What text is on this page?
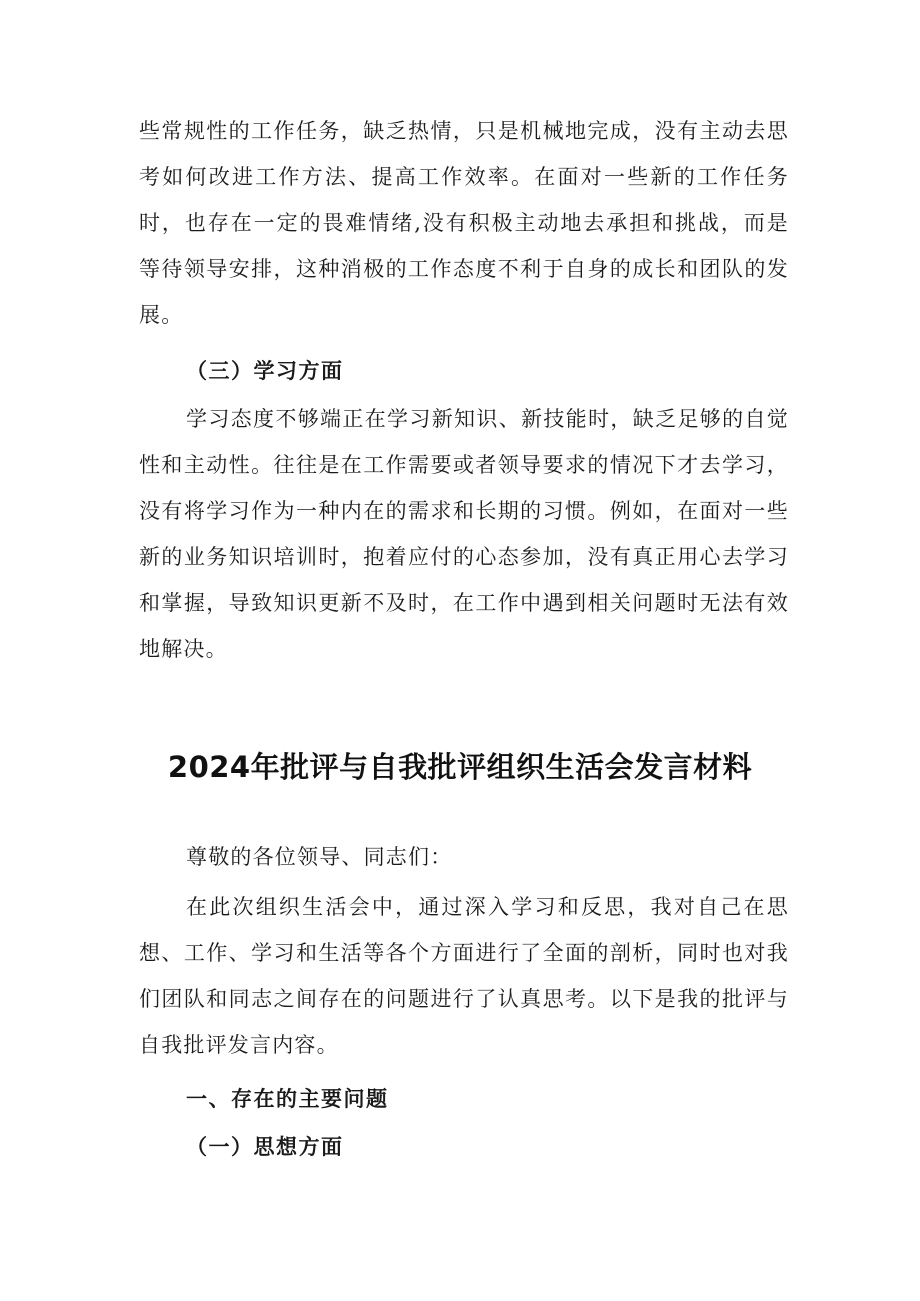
些常规性的工作任务，缺乏热情，只是机械地完成，没有主动去思考如何改进工作方法、提高工作效率。在面对一些新的工作任务时，也存在一定的畏难情绪,没有积极主动地去承担和挑战，而是等待领导安排，这种消极的工作态度不利于自身的成长和团队的发展。

（三）学习方面

学习态度不够端正在学习新知识、新技能时，缺乏足够的自觉性和主动性。往往是在工作需要或者领导要求的情况下才去学习，没有将学习作为一种内在的需求和长期的习惯。例如，在面对一些新的业务知识培训时，抱着应付的心态参加，没有真正用心去学习和掌握，导致知识更新不及时，在工作中遇到相关问题时无法有效地解决。

2024年批评与自我批评组织生活会发言材料

尊敬的各位领导、同志们：

在此次组织生活会中，通过深入学习和反思，我对自己在思想、工作、学习和生活等各个方面进行了全面的剖析，同时也对我们团队和同志之间存在的问题进行了认真思考。以下是我的批评与自我批评发言内容。

一、存在的主要问题
（一）思想方面
